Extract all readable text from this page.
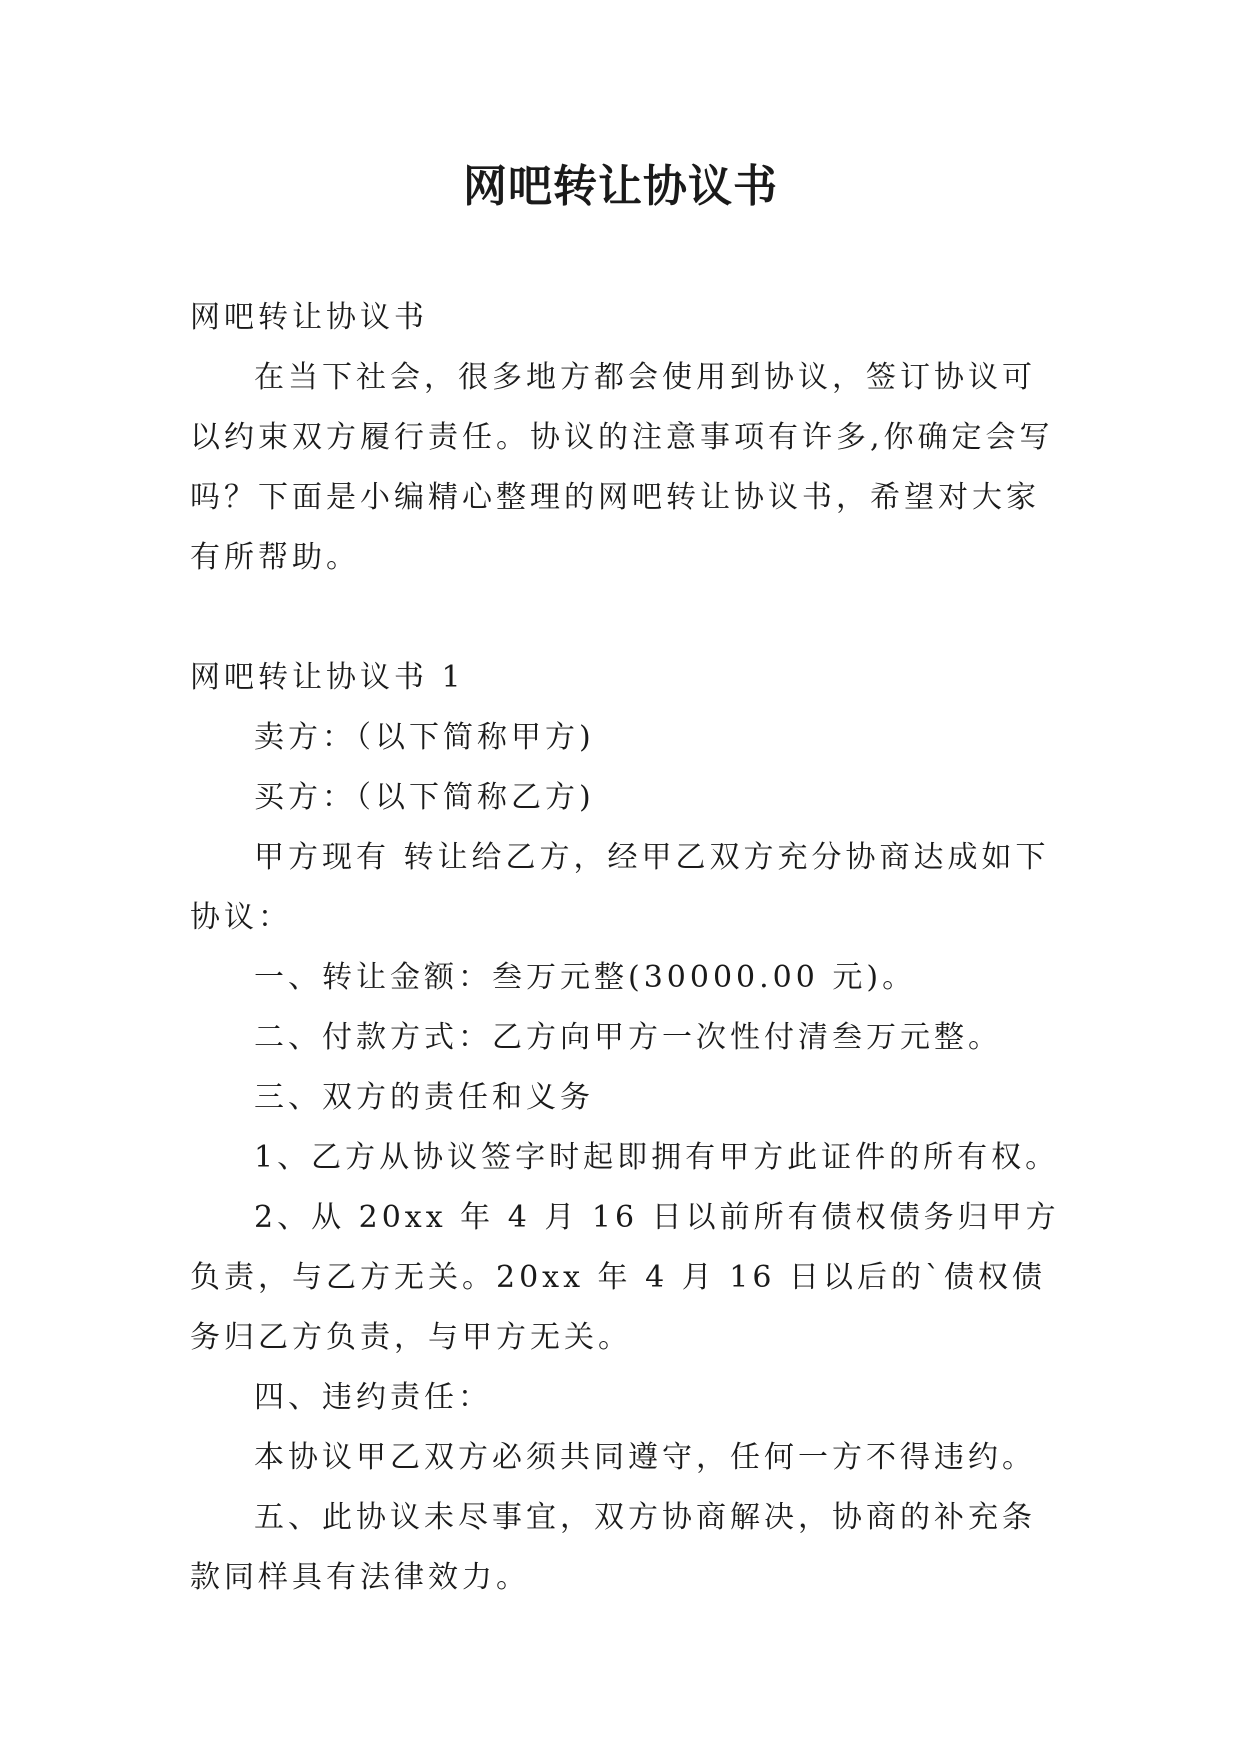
网吧转让协议书

网吧转让协议书

在当下社会，很多地方都会使用到协议，签订协议可以约束双方履行责任。协议的注意事项有许多,你确定会写吗？下面是小编精心整理的网吧转让协议书，希望对大家有所帮助。

网吧转让协议书 1

卖方：（以下简称甲方)

买方：（以下简称乙方)

甲方现有 转让给乙方，经甲乙双方充分协商达成如下协议：

一、转让金额：叁万元整(30000.00 元)。

二、付款方式：乙方向甲方一次性付清叁万元整。

三、双方的责任和义务

1、乙方从协议签字时起即拥有甲方此证件的所有权。

2、从 20xx 年 4 月 16 日以前所有债权债务归甲方负责，与乙方无关。20xx 年 4 月 16 日以后的`债权债务归乙方负责，与甲方无关。

四、违约责任：

本协议甲乙双方必须共同遵守，任何一方不得违约。

五、此协议未尽事宜，双方协商解决，协商的补充条款同样具有法律效力。
